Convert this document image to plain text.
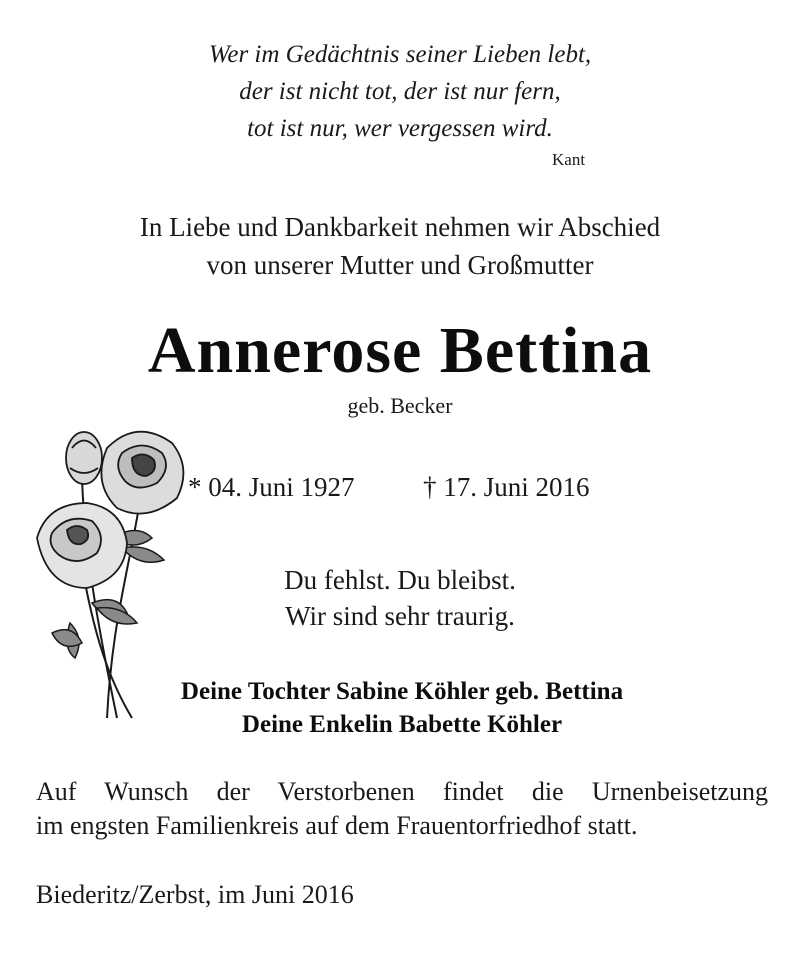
Wer im Gedächtnis seiner Lieben lebt,
der ist nicht tot, der ist nur fern,
tot ist nur, wer vergessen wird.
Kant
In Liebe und Dankbarkeit nehmen wir Abschied
von unserer Mutter und Großmutter
Annerose Bettina
geb. Becker
* 04. Juni 1927	† 17. Juni 2016
Du fehlst. Du bleibst.
Wir sind sehr traurig.
Deine Tochter Sabine Köhler geb. Bettina
Deine Enkelin Babette Köhler
Auf Wunsch der Verstorbenen findet die Urnenbeisetzung
im engsten Familienkreis auf dem Frauentorfriedhof statt.
Biederitz/Zerbst, im Juni 2016
